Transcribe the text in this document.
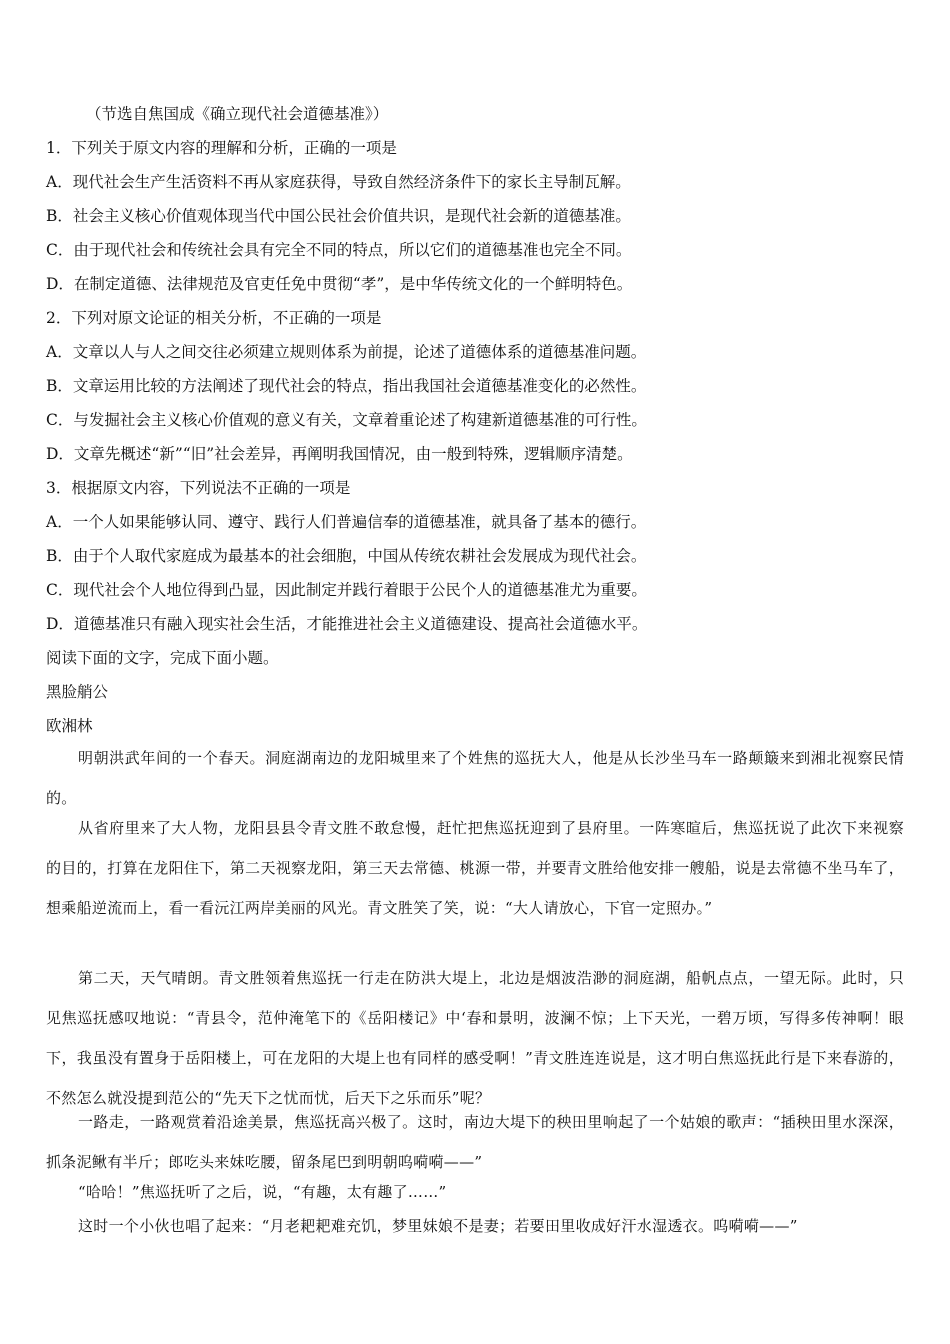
（节选自焦国成《确立现代社会道德基准》）
1．下列关于原文内容的理解和分析，正确的一项是
A．现代社会生产生活资料不再从家庭获得，导致自然经济条件下的家长主导制瓦解。
B．社会主义核心价值观体现当代中国公民社会价值共识，是现代社会新的道德基准。
C．由于现代社会和传统社会具有完全不同的特点，所以它们的道德基准也完全不同。
D．在制定道德、法律规范及官吏任免中贯彻“孝”，是中华传统文化的一个鲜明特色。
2．下列对原文论证的相关分析，不正确的一项是
A．文章以人与人之间交往必须建立规则体系为前提，论述了道德体系的道德基准问题。
B．文章运用比较的方法阐述了现代社会的特点，指出我国社会道德基准变化的必然性。
C．与发掘社会主义核心价值观的意义有关，文章着重论述了构建新道德基准的可行性。
D．文章先概述“新”“旧”社会差异，再阐明我国情况，由一般到特殊，逻辑顺序清楚。
3．根据原文内容，下列说法不正确的一项是
A．一个人如果能够认同、遵守、践行人们普遍信奉的道德基准，就具备了基本的德行。
B．由于个人取代家庭成为最基本的社会细胞，中国从传统农耕社会发展成为现代社会。
C．现代社会个人地位得到凸显，因此制定并践行着眼于公民个人的道德基准尤为重要。
D．道德基准只有融入现实社会生活，才能推进社会主义道德建设、提高社会道德水平。
阅读下面的文字，完成下面小题。
黑脸艄公
欧湘林
明朝洪武年间的一个春天。洞庭湖南边的龙阳城里来了个姓焦的巡抚大人，他是从长沙坐马车一路颠簸来到湘北视察民情的。
从省府里来了大人物，龙阳县县令青文胜不敢怠慢，赶忙把焦巡抚迎到了县府里。一阵寒暄后，焦巡抚说了此次下来视察的目的，打算在龙阳住下，第二天视察龙阳，第三天去常德、桃源一带，并要青文胜给他安排一艘船，说是去常德不坐马车了，想乘船逆流而上，看一看沅江两岸美丽的风光。青文胜笑了笑，说：“大人请放心，下官一定照办。”
第二天，天气晴朗。青文胜领着焦巡抚一行走在防洪大堤上，北边是烟波浩渺的洞庭湖，船帆点点，一望无际。此时，只见焦巡抚感叹地说：“青县令，范仲淹笔下的《岳阳楼记》中‘春和景明，波澜不惊；上下天光，一碧万顷，写得多传神啊！眼下，我虽没有置身于岳阳楼上，可在龙阳的大堤上也有同样的感受啊！”青文胜连连说是，这才明白焦巡抚此行是下来春游的，不然怎么就没提到范公的“先天下之忧而忧，后天下之乐而乐”呢？
一路走，一路观赏着沿途美景，焦巡抚高兴极了。这时，南边大堤下的秧田里响起了一个姑娘的歌声：“插秧田里水深深，抓条泥鳅有半斤；郎吃头来妹吃腰，留条尾巴到明朝呜嗬嗬——”
“哈哈！”焦巡抚听了之后，说，“有趣，太有趣了……”
这时一个小伙也唱了起来：“月老耙耙难充饥，梦里妹娘不是妻；若要田里收成好汗水湿透衣。呜嗬嗬——”
